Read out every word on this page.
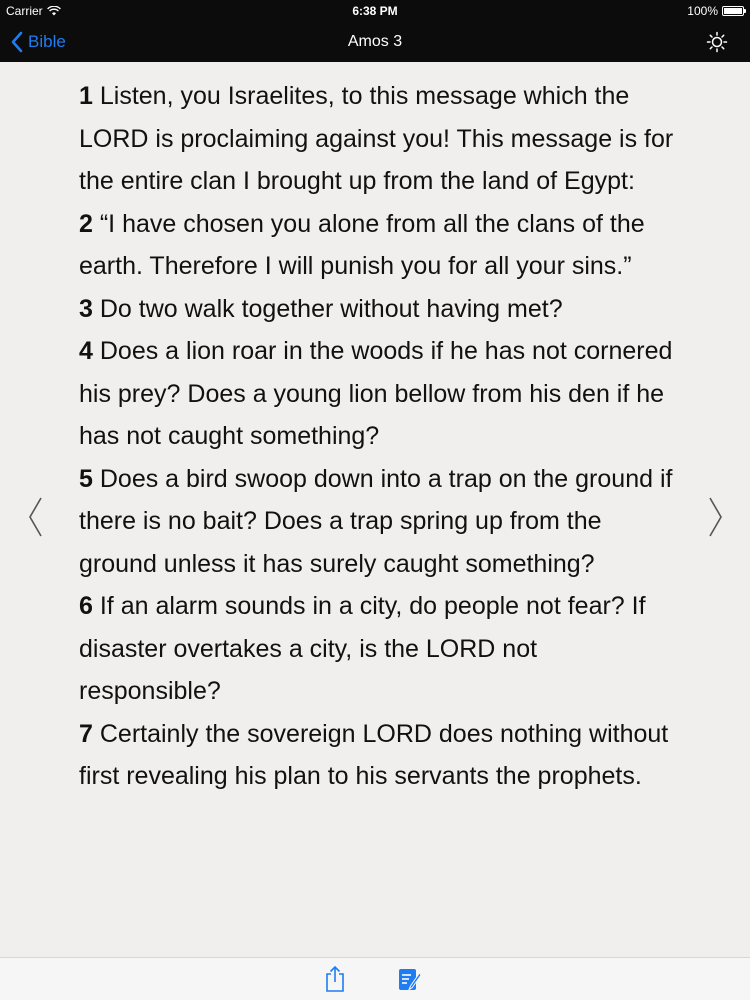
Carrier	6:38 PM	100%
Bible	Amos 3
1 Listen, you Israelites, to this message which the LORD is proclaiming against you! This message is for the entire clan I brought up from the land of Egypt:
2 “I have chosen you alone from all the clans of the earth. Therefore I will punish you for all your sins.”
3 Do two walk together without having met?
4 Does a lion roar in the woods if he has not cornered his prey? Does a young lion bellow from his den if he has not caught something?
5 Does a bird swoop down into a trap on the ground if there is no bait? Does a trap spring up from the ground unless it has surely caught something?
6 If an alarm sounds in a city, do people not fear? If disaster overtakes a city, is the LORD not responsible?
7 Certainly the sovereign LORD does nothing without first revealing his plan to his servants the prophets.
